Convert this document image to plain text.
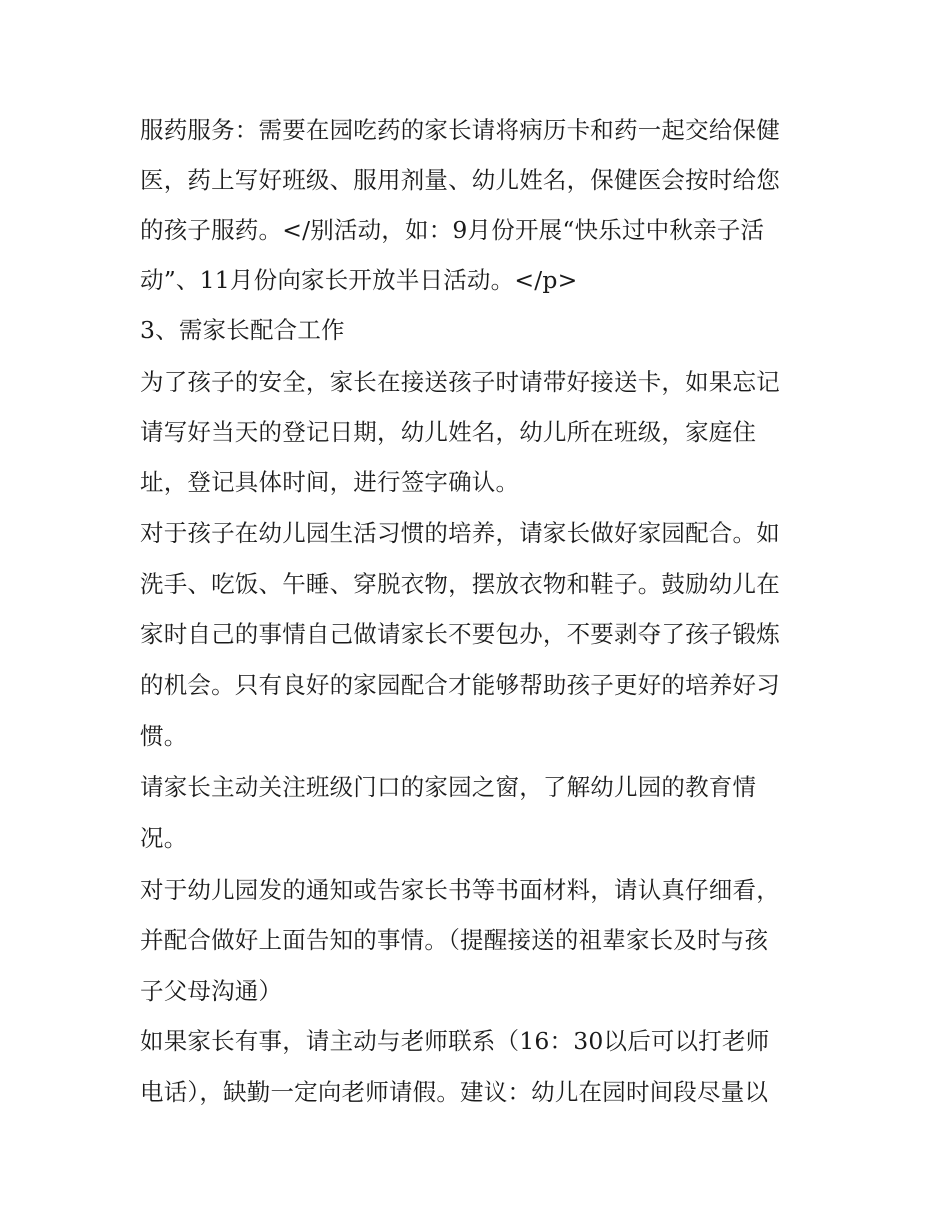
服药服务：需要在园吃药的家长请将病历卡和药一起交给保健
医，药上写好班级、服用剂量、幼儿姓名，保健医会按时给您
的孩子服药。</别活动，如：9月份开展“快乐过中秋亲子活
动”、11月份向家长开放半日活动。</p>
3、需家长配合工作
为了孩子的安全，家长在接送孩子时请带好接送卡，如果忘记
请写好当天的登记日期，幼儿姓名，幼儿所在班级，家庭住
址，登记具体时间，进行签字确认。
对于孩子在幼儿园生活习惯的培养，请家长做好家园配合。如
洗手、吃饭、午睡、穿脱衣物，摆放衣物和鞋子。鼓励幼儿在
家时自己的事情自己做请家长不要包办，不要剥夺了孩子锻炼
的机会。只有良好的家园配合才能够帮助孩子更好的培养好习
惯。
请家长主动关注班级门口的家园之窗，了解幼儿园的教育情
况。
对于幼儿园发的通知或告家长书等书面材料，请认真仔细看，
并配合做好上面告知的事情。（提醒接送的祖辈家长及时与孩
子父母沟通）
如果家长有事，请主动与老师联系（16：30以后可以打老师
电话），缺勤一定向老师请假。建议：幼儿在园时间段尽量以
